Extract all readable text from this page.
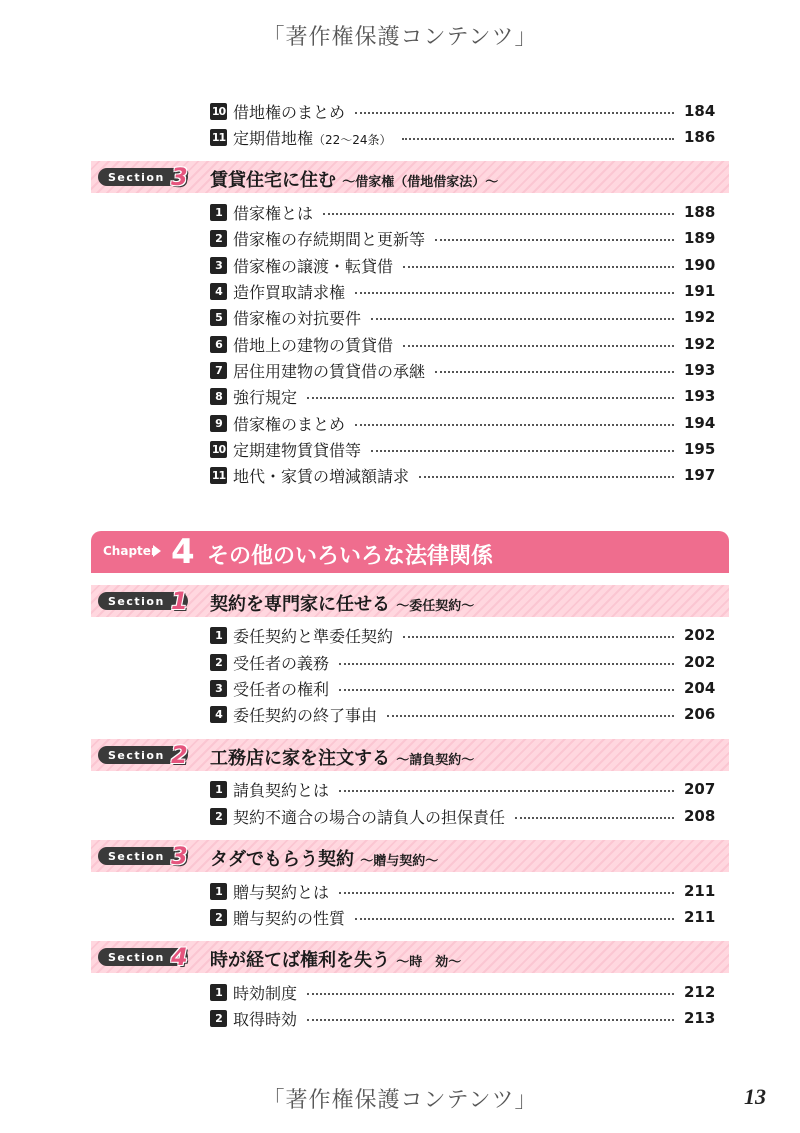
「著作権保護コンテンツ」
10 借地権のまとめ	184
11 定期借地権（22～24条）	186
Section 3 賃貸住宅に住む ～借家権（借地借家法）～
1 借家権とは	188
2 借家権の存続期間と更新等	189
3 借家権の譲渡・転貸借	190
4 造作買取請求権	191
5 借家権の対抗要件	192
6 借地上の建物の賃貸借	192
7 居住用建物の賃貸借の承継	193
8 強行規定	193
9 借家権のまとめ	194
10 定期建物賃貸借等	195
11 地代・家賃の増減額請求	197
Chapter 4 その他のいろいろな法律関係
Section 1 契約を専門家に任せる ～委任契約～
1 委任契約と準委任契約	202
2 受任者の義務	202
3 受任者の権利	204
4 委任契約の終了事由	206
Section 2 工務店に家を注文する ～請負契約～
1 請負契約とは	207
2 契約不適合の場合の請負人の担保責任	208
Section 3 タダでもらう契約 ～贈与契約～
1 贈与契約とは	211
2 贈与契約の性質	211
Section 4 時が経てば権利を失う ～時　効～
1 時効制度	212
2 取得時効	213
「著作権保護コンテンツ」	13
